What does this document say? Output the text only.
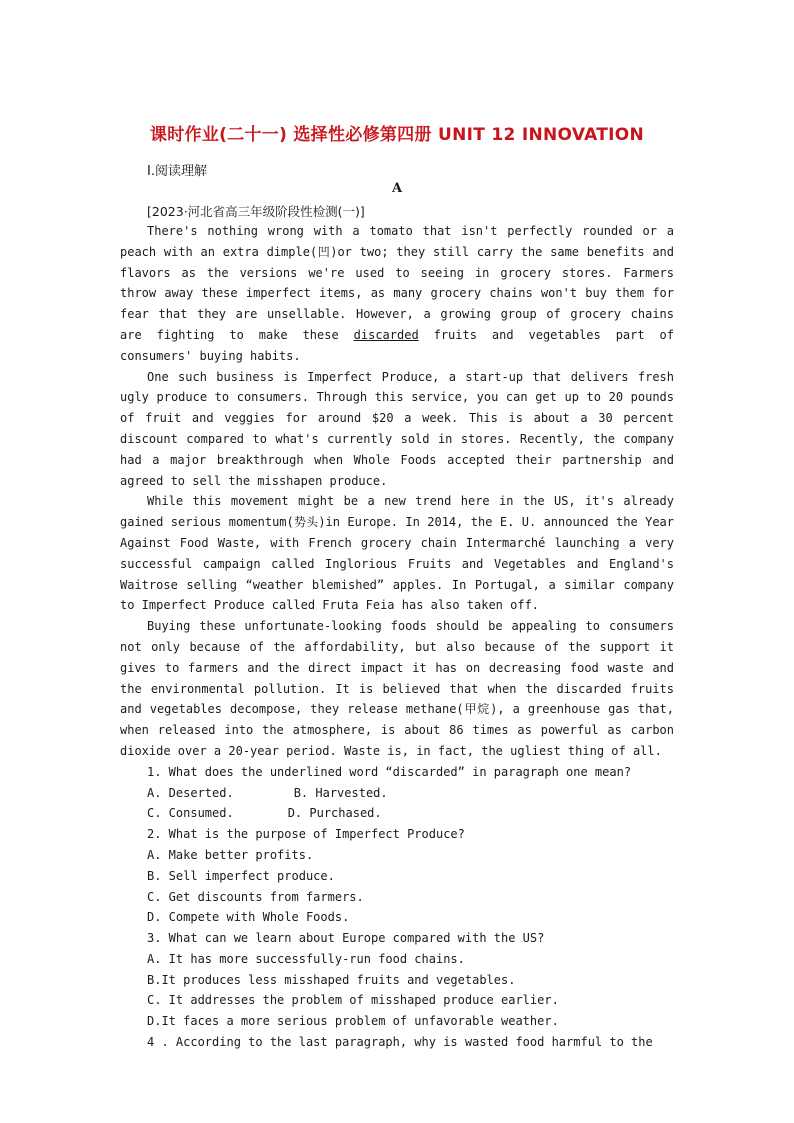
课时作业(二十一) 选择性必修第四册 UNIT 12 INNOVATION
Ⅰ.阅读理解
A
[2023·河北省高三年级阶段性检测(一)]

There's nothing wrong with a tomato that isn't perfectly rounded or a peach with an extra dimple(凹)or two; they still carry the same benefits and flavors as the versions we're used to seeing in grocery stores. Farmers throw away these imperfect items, as many grocery chains won't buy them for fear that they are unsellable. However, a growing group of grocery chains are fighting to make these discarded fruits and vegetables part of consumers' buying habits.

One such business is Imperfect Produce, a start-up that delivers fresh ugly produce to consumers. Through this service, you can get up to 20 pounds of fruit and veggies for around $20 a week. This is about a 30 percent discount compared to what's currently sold in stores. Recently, the company had a major breakthrough when Whole Foods accepted their partnership and agreed to sell the misshapen produce.

While this movement might be a new trend here in the US, it's already gained serious momentum(势头)in Europe. In 2014, the E. U. announced the Year Against Food Waste, with French grocery chain Intermarché launching a very successful campaign called Inglorious Fruits and Vegetables and England's Waitrose selling “weather blemished” apples. In Portugal, a similar company to Imperfect Produce called Fruta Feia has also taken off.

Buying these unfortunate-looking foods should be appealing to consumers not only because of the affordability, but also because of the support it gives to farmers and the direct impact it has on decreasing food waste and the environmental pollution. It is believed that when the discarded fruits and vegetables decompose, they release methane(甲烷), a greenhouse gas that, when released into the atmosphere, is about 86 times as powerful as carbon dioxide over a 20-year period. Waste is, in fact, the ugliest thing of all.

1. What does the underlined word “discarded” in paragraph one mean?
A. Deserted.	B. Harvested.
C. Consumed.	D. Purchased.
2. What is the purpose of Imperfect Produce?
A. Make better profits.
B. Sell imperfect produce.
C. Get discounts from farmers.
D. Compete with Whole Foods.
3. What can we learn about Europe compared with the US?
A. It has more successfully-run food chains.
B.It produces less misshaped fruits and vegetables.
C. It addresses the problem of misshaped produce earlier.
D.It faces a more serious problem of unfavorable weather.
4 . According to the last paragraph, why is wasted food harmful to the
